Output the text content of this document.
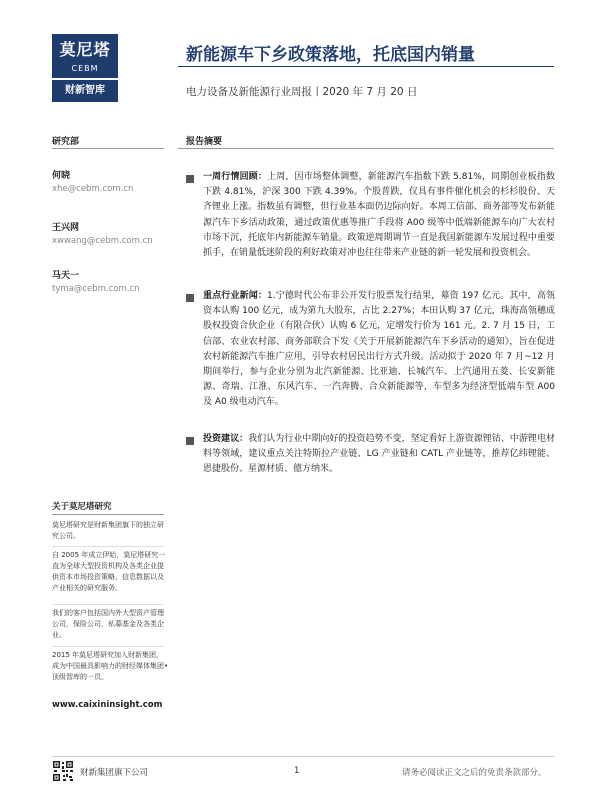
莫尼塔
CEBM
财新智库
新能源车下乡政策落地，托底国内销量
电力设备及新能源行业周报丨2020 年 7 月 20 日
研究部	报告摘要
何晓
xhe@cebm.com.cn
王兴网
xwwang@cebm.com.cn
马天一
tyma@cebm.com.cn
一周行情回顾：上周，因市场整体调整，新能源汽车指数下跌 5.81%，同期创业板指数下跌 4.81%，沪深 300 下跌 4.39%。个股普跌，仅具有事件催化机会的杉杉股份、天齐锂业上涨。指数虽有调整，但行业基本面仍边际向好。本周工信部、商务部等发布新能源汽车下乡活动政策，通过政策优惠等推广手段将 A00 级等中低端新能源车向广大农村市场下沉，托底年内新能源车销量。政策逆周期调节一直是我国新能源车发展过程中重要抓手，在销量低迷阶段的利好政策对冲也往往带来产业链的新一轮发展和投资机会。
重点行业新闻：1.宁德时代公布非公开发行股票发行结果，募资 197 亿元。其中，高瓴资本认购 100 亿元，成为第九大股东，占比 2.27%；本田认购 37 亿元，珠海高瓴穗成股权投资合伙企业（有限合伙）认购 6 亿元，定增发行价为 161 元。2. 7 月 15 日，工信部、农业农村部、商务部联合下发《关于开展新能源汽车下乡活动的通知》，旨在促进农村新能源汽车推广应用，引导农村居民出行方式升级。活动拟于 2020 年 7 月~12 月期间举行，参与企业分别为北汽新能源、比亚迪、长城汽车、上汽通用五菱、长安新能源、奇瑞、江淮、东风汽车、一汽奔腾、合众新能源等，车型多为经济型低端车型 A00 及 A0 级电动汽车。
投资建议：我们认为行业中期向好的投资趋势不变，坚定看好上游资源锂钴、中游锂电材料等领域，建议重点关注特斯拉产业链、LG 产业链和 CATL 产业链等，推荐亿纬锂能、恩捷股份、星源材质、德方纳米。
关于莫尼塔研究
莫尼塔研究是财新集团旗下的独立研究公司。
自 2005 年成立伊始，莫尼塔研究一直为全球大型投资机构及各类企业提供资本市场投资策略、信息数据以及产业相关的研究服务。
我们的客户包括国内外大型资产管理公司，保险公司，私募基金及各类企业。
2015 年莫尼塔研究加入财新集团，成为中国最具影响力的财经媒体集团•顶级智库的一员。
www.caixininsight.com
财新集团旗下公司	1	请务必阅读正文之后的免责条款部分。
